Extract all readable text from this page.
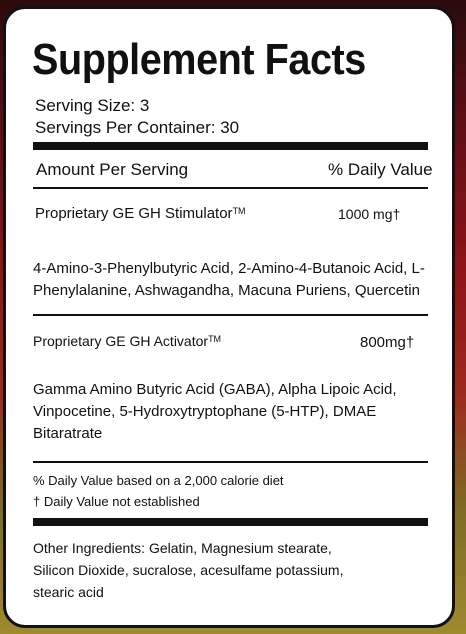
Supplement Facts
Serving Size: 3
Servings Per Container: 30
Amount Per Serving	% Daily Value
Proprietary GE GH Stimulator™	1000 mg†
4-Amino-3-Phenylbutyric Acid, 2-Amino-4-Butanoic Acid, L-Phenylalanine, Ashwagandha, Macuna Puriens, Quercetin
Proprietary GE GH Activator™	800mg†
Gamma Amino Butyric Acid (GABA), Alpha Lipoic Acid, Vinpocetine, 5-Hydroxytryptophane (5-HTP), DMAE Bitaratrate
% Daily Value based on a 2,000 calorie diet
† Daily Value not established
Other Ingredients: Gelatin, Magnesium stearate, Silicon Dioxide, sucralose, acesulfame potassium, stearic acid
